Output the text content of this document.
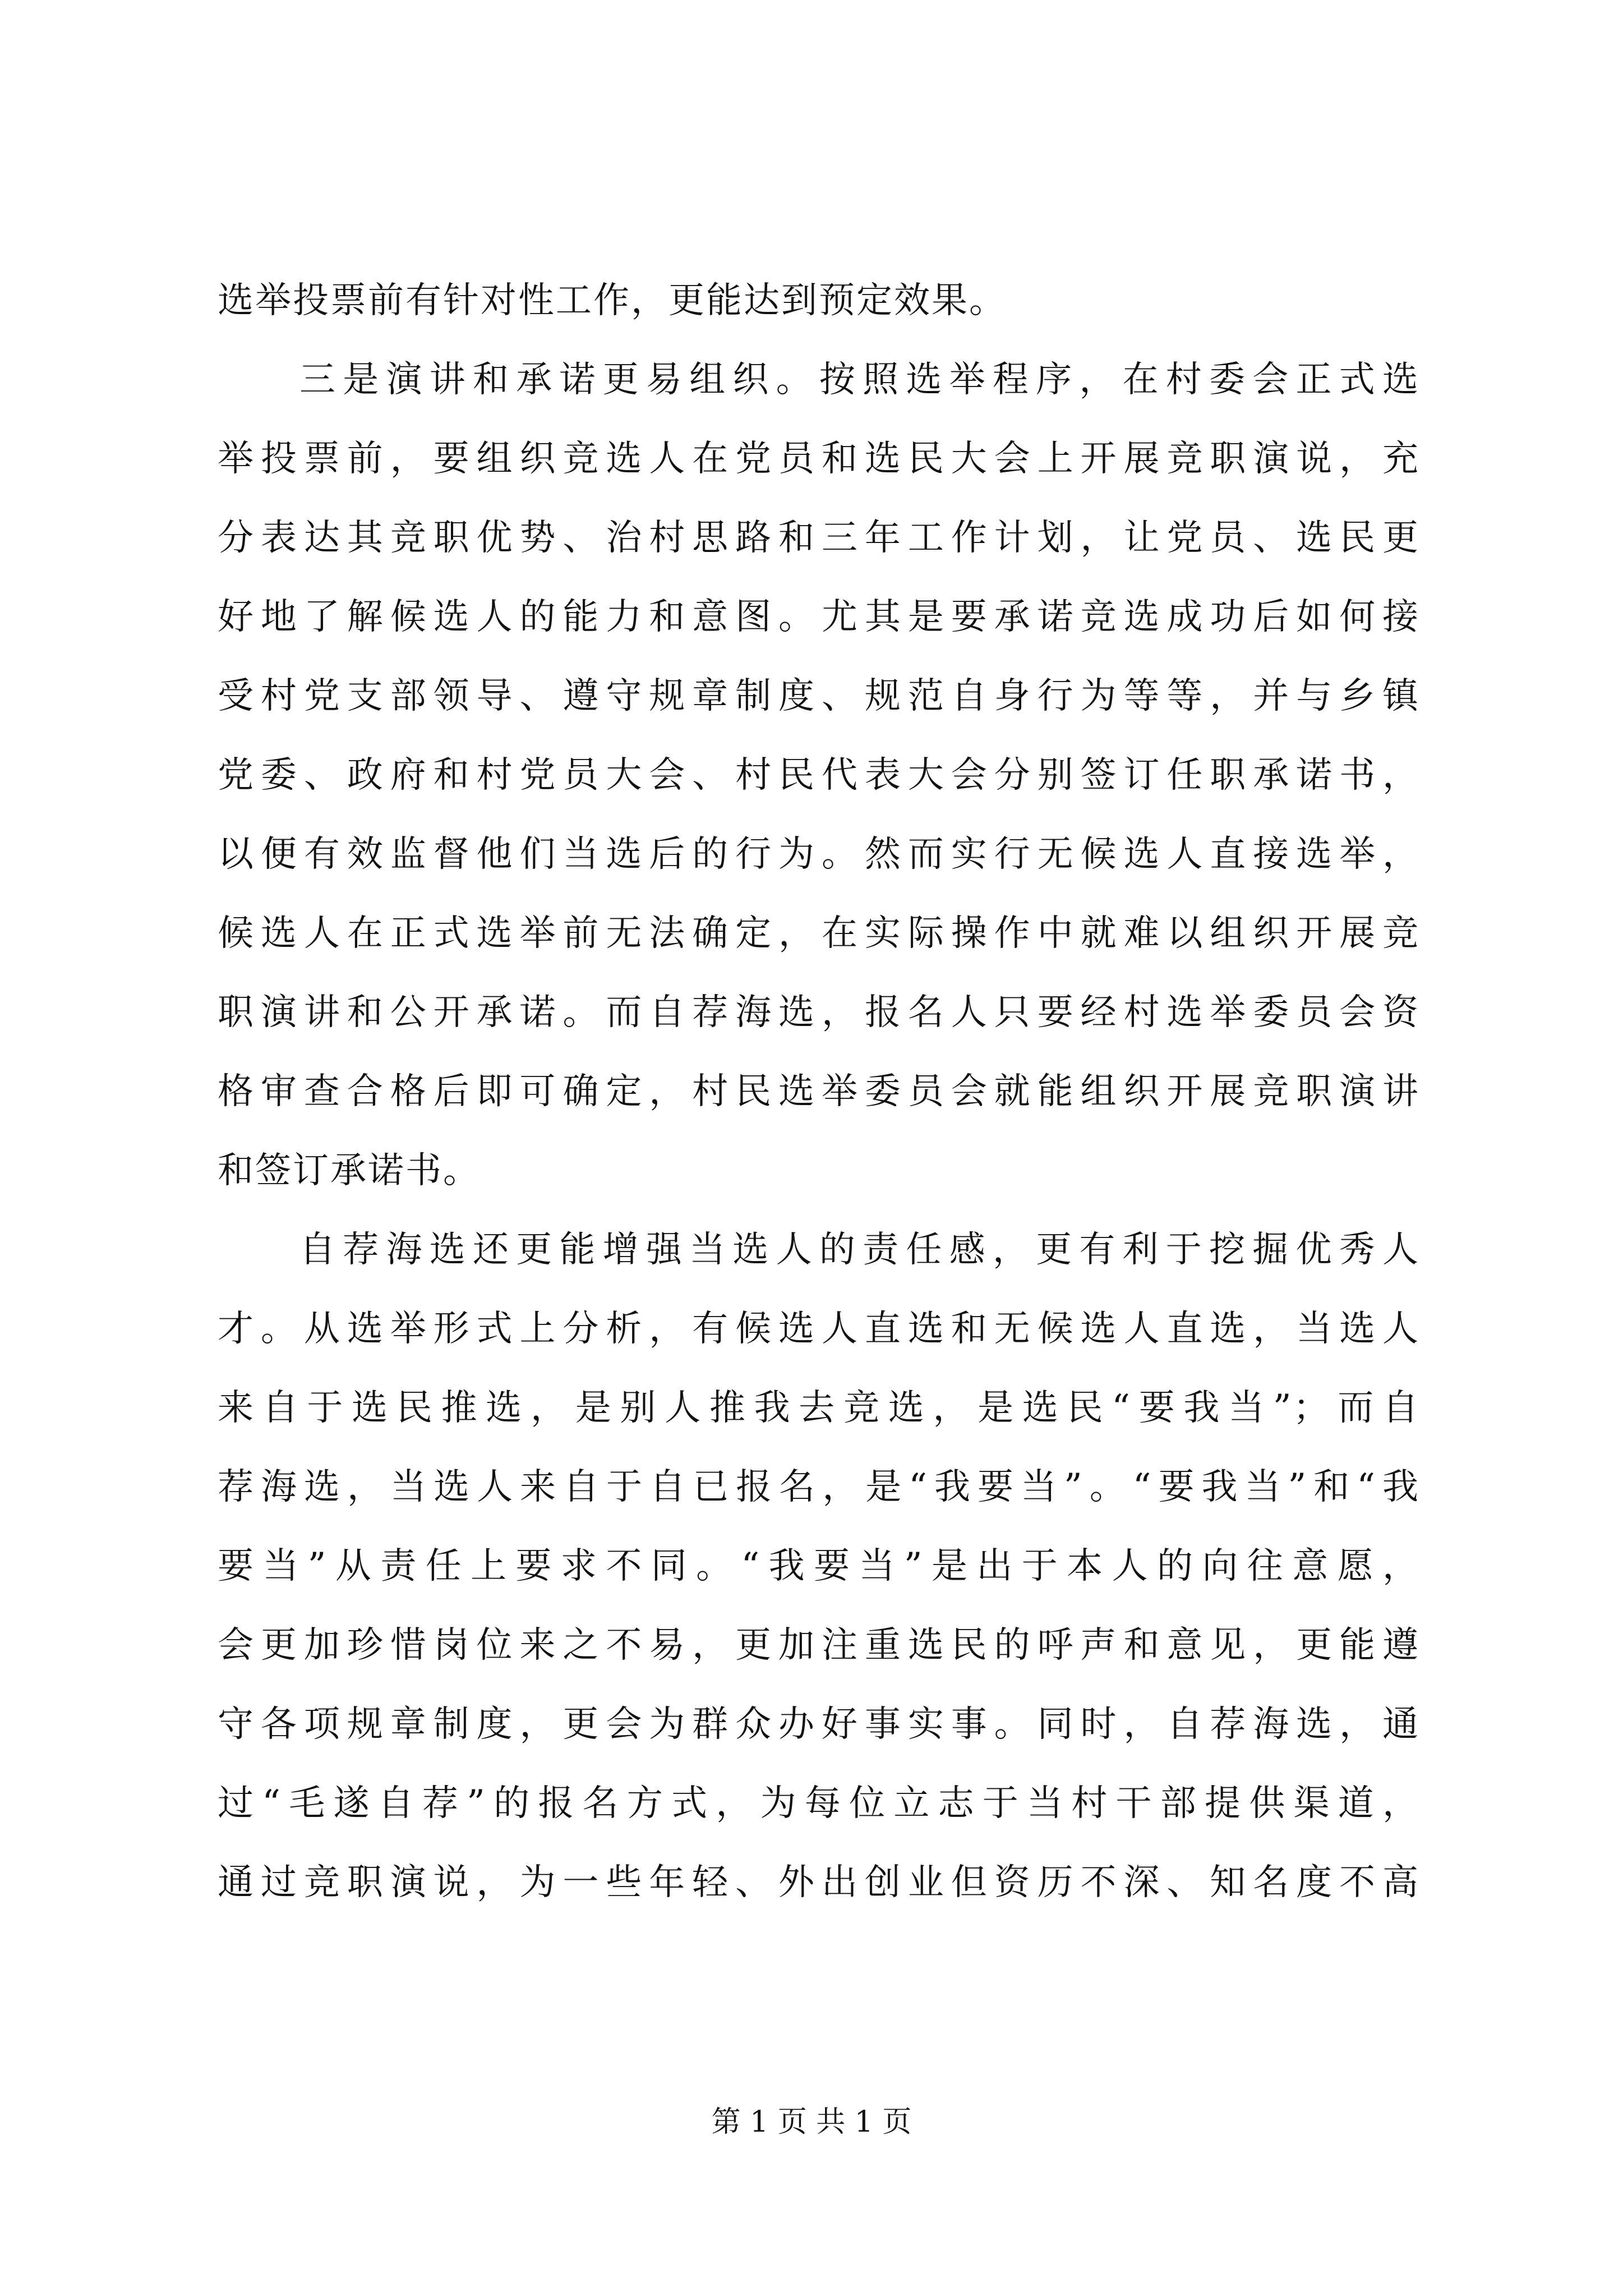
选举投票前有针对性工作，更能达到预定效果。
三是演讲和承诺更易组织。按照选举程序，在村委会正式选
举投票前，要组织竞选人在党员和选民大会上开展竞职演说，充
分表达其竞职优势、治村思路和三年工作计划，让党员、选民更
好地了解候选人的能力和意图。尤其是要承诺竞选成功后如何接
受村党支部领导、遵守规章制度、规范自身行为等等，并与乡镇
党委、政府和村党员大会、村民代表大会分别签订任职承诺书，
以便有效监督他们当选后的行为。然而实行无候选人直接选举，
候选人在正式选举前无法确定，在实际操作中就难以组织开展竞
职演讲和公开承诺。而自荐海选，报名人只要经村选举委员会资
格审查合格后即可确定，村民选举委员会就能组织开展竞职演讲
和签订承诺书。
自荐海选还更能增强当选人的责任感，更有利于挖掘优秀人
才。从选举形式上分析，有候选人直选和无候选人直选，当选人
来自于选民推选，是别人推我去竞选，是选民“要我当”；而自
荐海选，当选人来自于自已报名，是“我要当”。“要我当”和“我
要当”从责任上要求不同。“我要当”是出于本人的向往意愿，
会更加珍惜岗位来之不易，更加注重选民的呼声和意见，更能遵
守各项规章制度，更会为群众办好事实事。同时，自荐海选，通
过“毛遂自荐”的报名方式，为每位立志于当村干部提供渠道，
通过竞职演说，为一些年轻、外出创业但资历不深、知名度不高
第 1 页 共 1 页
